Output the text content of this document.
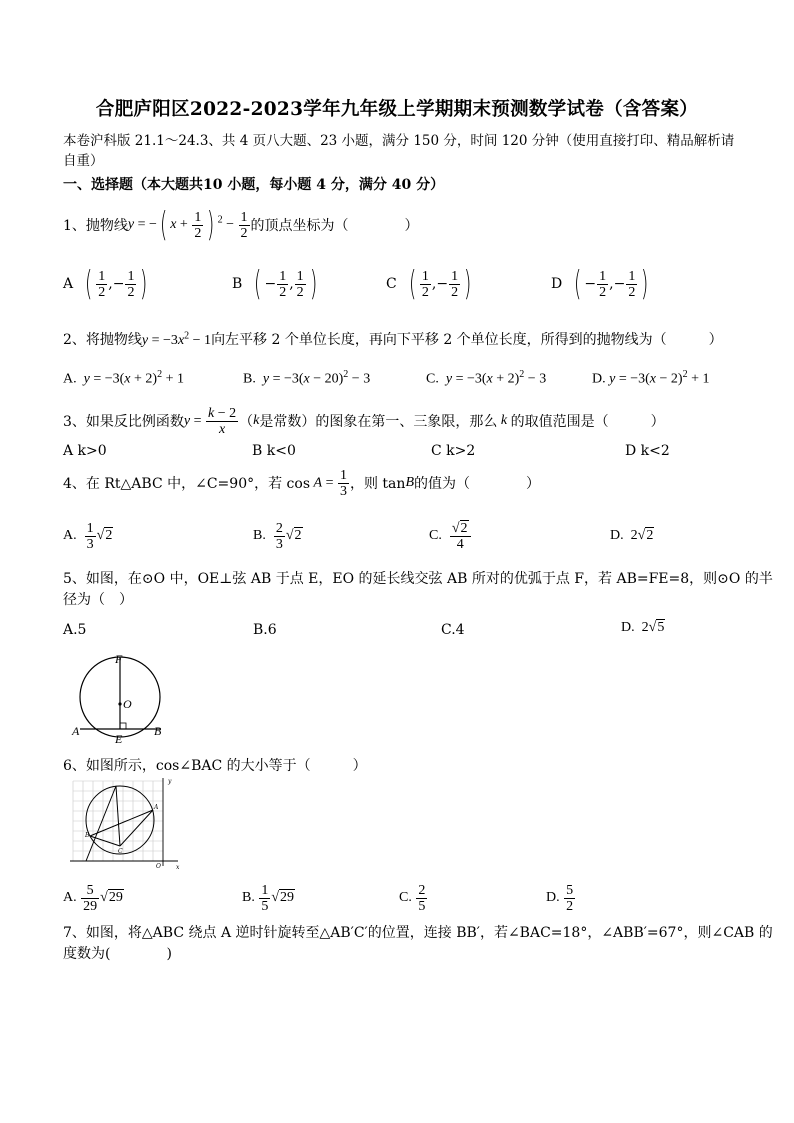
合肥庐阳区2022-2023学年九年级上学期期末预测数学试卷（含答案）
本卷沪科版 21.1～24.3、共 4 页八大题、23 小题，满分 150 分，时间 120 分钟（使用直接打印、精品解析请自重）
一、选择题（本大题共10 小题，每小题 4 分，满分 40 分）
1、抛物线 y = −( $x + \frac{1}{2}$ ) $^2 - \frac{1}{2}$ 的顶点坐标为（　　　　）
A
( $\frac{1}{2}$ ,− $\frac{1}{2}$ )	B
( − $\frac{1}{2}$ , $\frac{1}{2}$ )	C
( $\frac{1}{2}$ ,− $\frac{1}{2}$ )	D
( − $\frac{1}{2}$ ,− $\frac{1}{2}$ )
2、将抛物线$y = -3x^2 - 1$向左平移 2 个单位长度，再向下平移 2 个单位长度，所得到的抛物线为（　　　）
A. $y = -3(x + 2)^2 + 1$	B. $y = -3(x - 20)^2 - 3$	C. $y = -3(x + 2)^2 - 3$	D. $y = -3(x - 2)^2 + 1$
3、如果反比例函数 $y = \frac{k - 2}{x}$ （ k 是常数）的图象在第一、三象限，那么 k 的取值范围是（　　　）
A k>0	B k<0	C k>2	D k<2
4、在 Rt△ABC 中，∠C=90°，若 $\cos A = \frac{1}{3}$ ，则 tan B 的值为（　　　　）
A.
$\frac{1}{3} √2$	B.
$\frac{2}{3} √2$	C.
$\frac{√2}{4}$	D. 2 √2
5、如图，在⊙O 中，OE⊥弦 AB 于点 E，EO 的延长线交弦 AB 所对的优弧于点 F，若 AB=FE=8，则⊙O 的半
径为（　）
A.5	B.6	C.4	D.  2√5
F
O
A
E
B
6、如图所示，cos∠BAC 的大小等于（　　　）
y
x
O
A
B
C
A.
$\frac{5}{29} √29$	B.
$\frac{1}{5} √29$	C.
$\frac{2}{5}$	D.
$\frac{5}{2}$
7、如图，将△ABC 绕点 A 逆时针旋转至△AB′C′的位置，连接 BB′，若∠BAC=18°，∠ABB′=67°，则∠CAB 的
度数为(　　　　)
